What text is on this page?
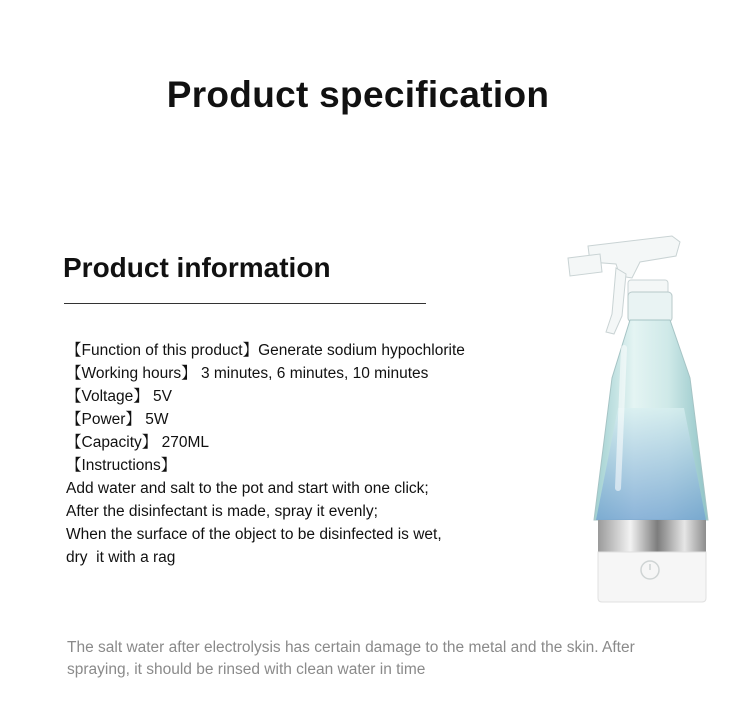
Product specification
Product information
【Function of this product】Generate sodium hypochlorite
【Working hours】 3 minutes, 6 minutes, 10 minutes
【Voltage】 5V
【Power】 5W
【Capacity】 270ML
【Instructions】
Add water and salt to the pot and start with one click;
After the disinfectant is made, spray it evenly;
When the surface of the object to be disinfected is wet,
dry  it with a rag
The salt water after electrolysis has certain damage to the metal and the skin. After
spraying, it should be rinsed with clean water in time
